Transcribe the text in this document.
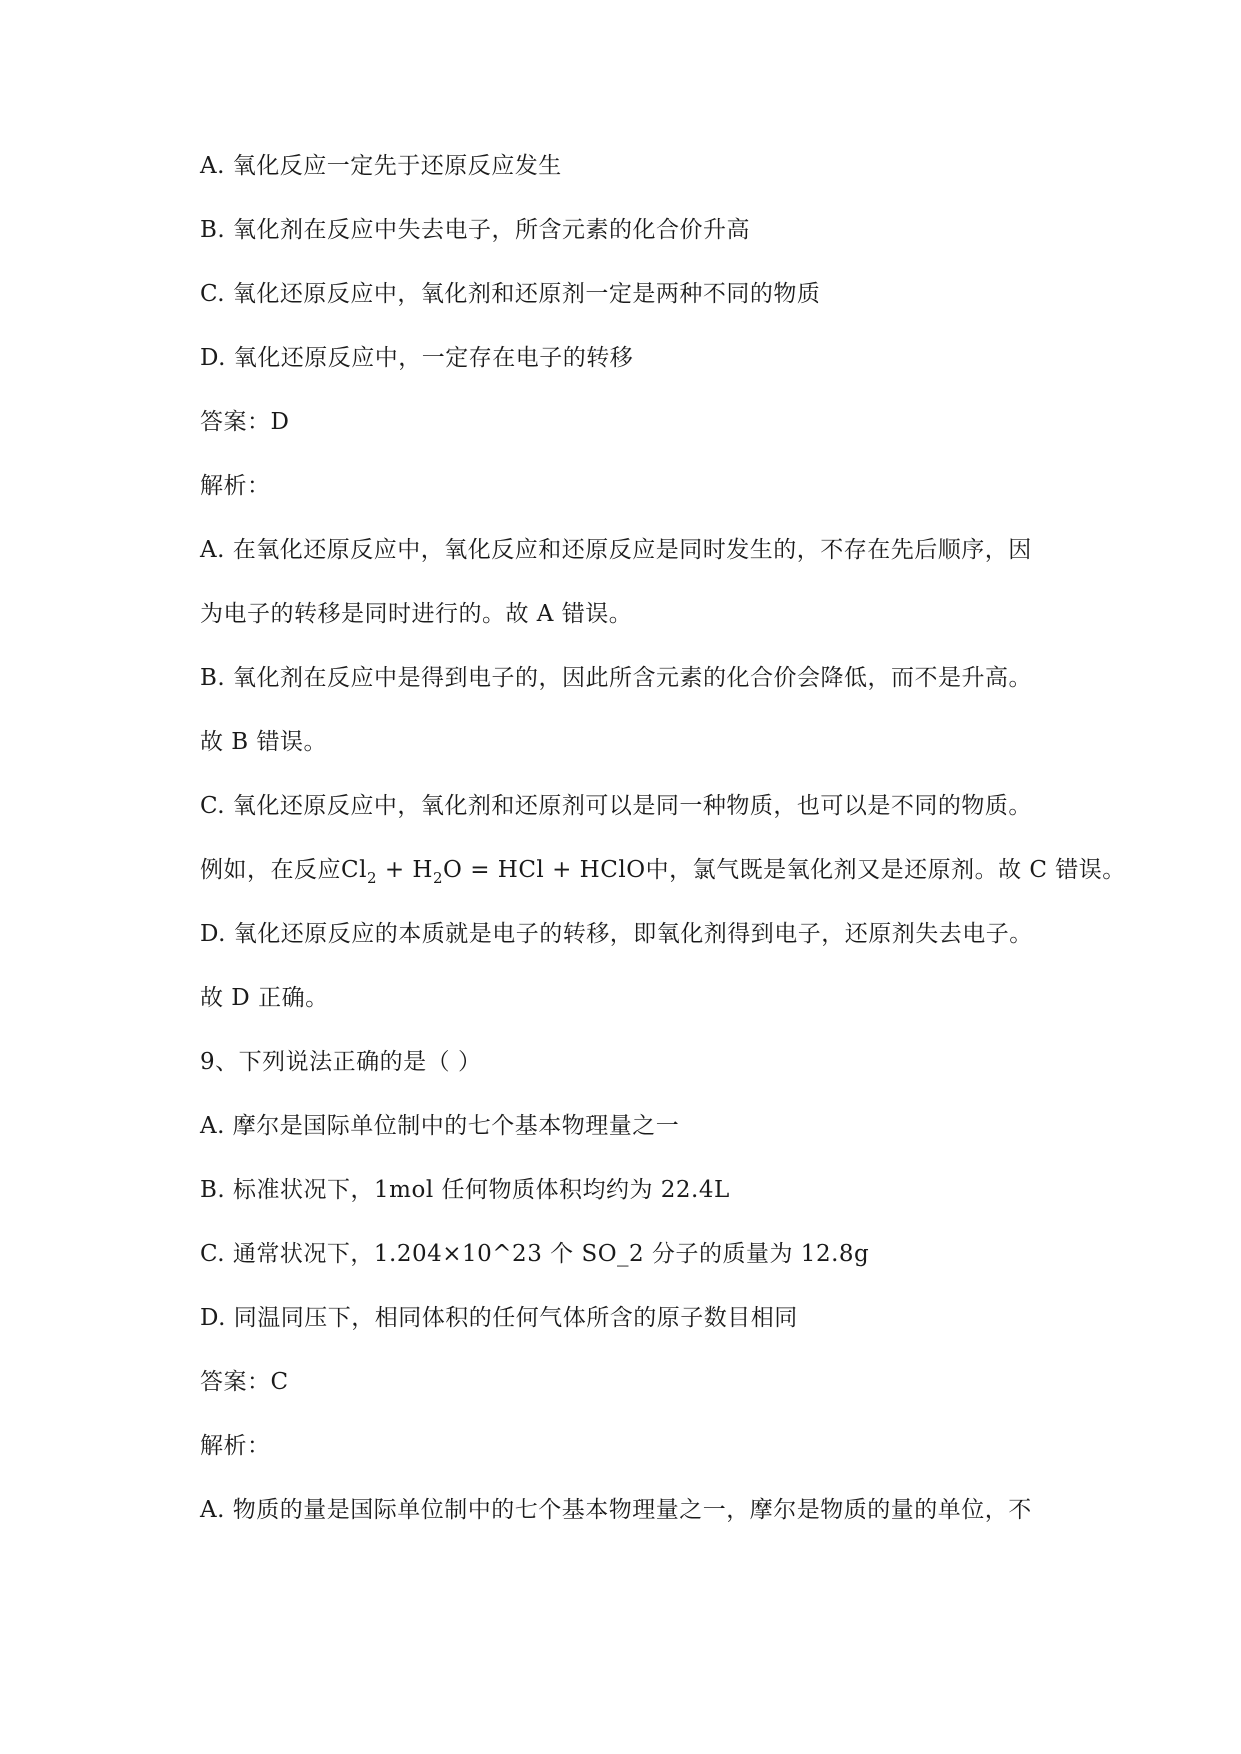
A. 氧化反应一定先于还原反应发生
B. 氧化剂在反应中失去电子，所含元素的化合价升高
C. 氧化还原反应中，氧化剂和还原剂一定是两种不同的物质
D. 氧化还原反应中，一定存在电子的转移
答案：D
解析：
A. 在氧化还原反应中，氧化反应和还原反应是同时发生的，不存在先后顺序，因
为电子的转移是同时进行的。故 A 错误。
B. 氧化剂在反应中是得到电子的，因此所含元素的化合价会降低，而不是升高。
故 B 错误。
C. 氧化还原反应中，氧化剂和还原剂可以是同一种物质，也可以是不同的物质。
例如，在反应$Cl_2 + H_2O$ = HCl + HClO中，氯气既是氧化剂又是还原剂。故 C 错误。
D. 氧化还原反应的本质就是电子的转移，即氧化剂得到电子，还原剂失去电子。
故 D 正确。
9、下列说法正确的是（ ）
A. 摩尔是国际单位制中的七个基本物理量之一
B. 标准状况下，1mol 任何物质体积均约为 22.4L
C. 通常状况下，1.204×10^23 个 SO_2 分子的质量为 12.8g
D. 同温同压下，相同体积的任何气体所含的原子数目相同
答案：C
解析：
A. 物质的量是国际单位制中的七个基本物理量之一，摩尔是物质的量的单位，不
